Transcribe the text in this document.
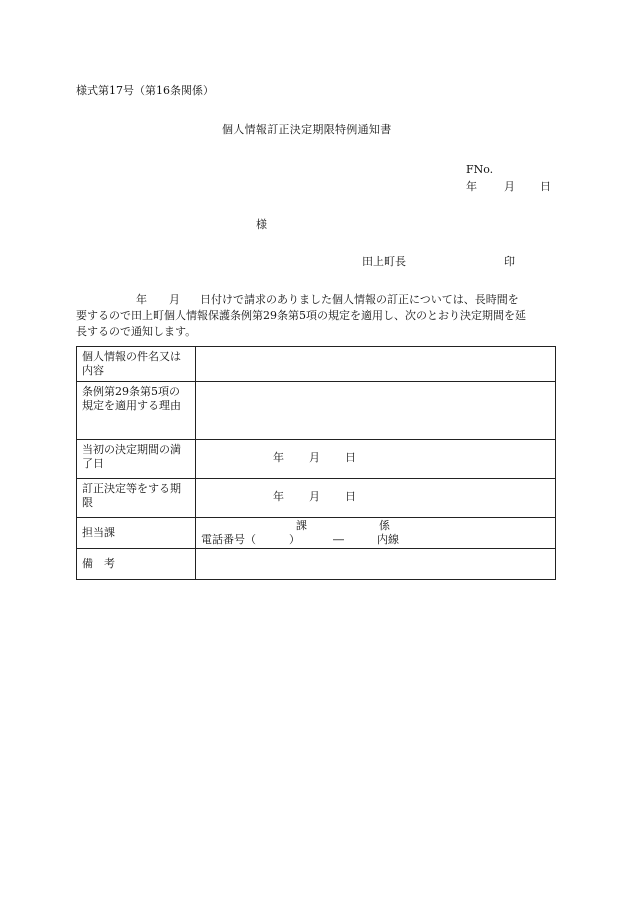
様式第17号（第16条関係）
個人情報訂正決定期限特例通知書
FNo.
年 月 日
様
田上町長	印
年 月 日付けで請求のありました個人情報の訂正については、長時間を
要するので田上町個人情報保護条例第29条第5項の規定を適用し、次のとおり決定期間を延
長するので通知します。
個人情報の件名又は内容	
条例第29条第5項の規定を適用する理由	
当初の決定期間の満了日	年 月 日

訂正決定等をする期限	年 月 日

担当課	課 係
電話番号（　　　） ― 内線

備　考	
